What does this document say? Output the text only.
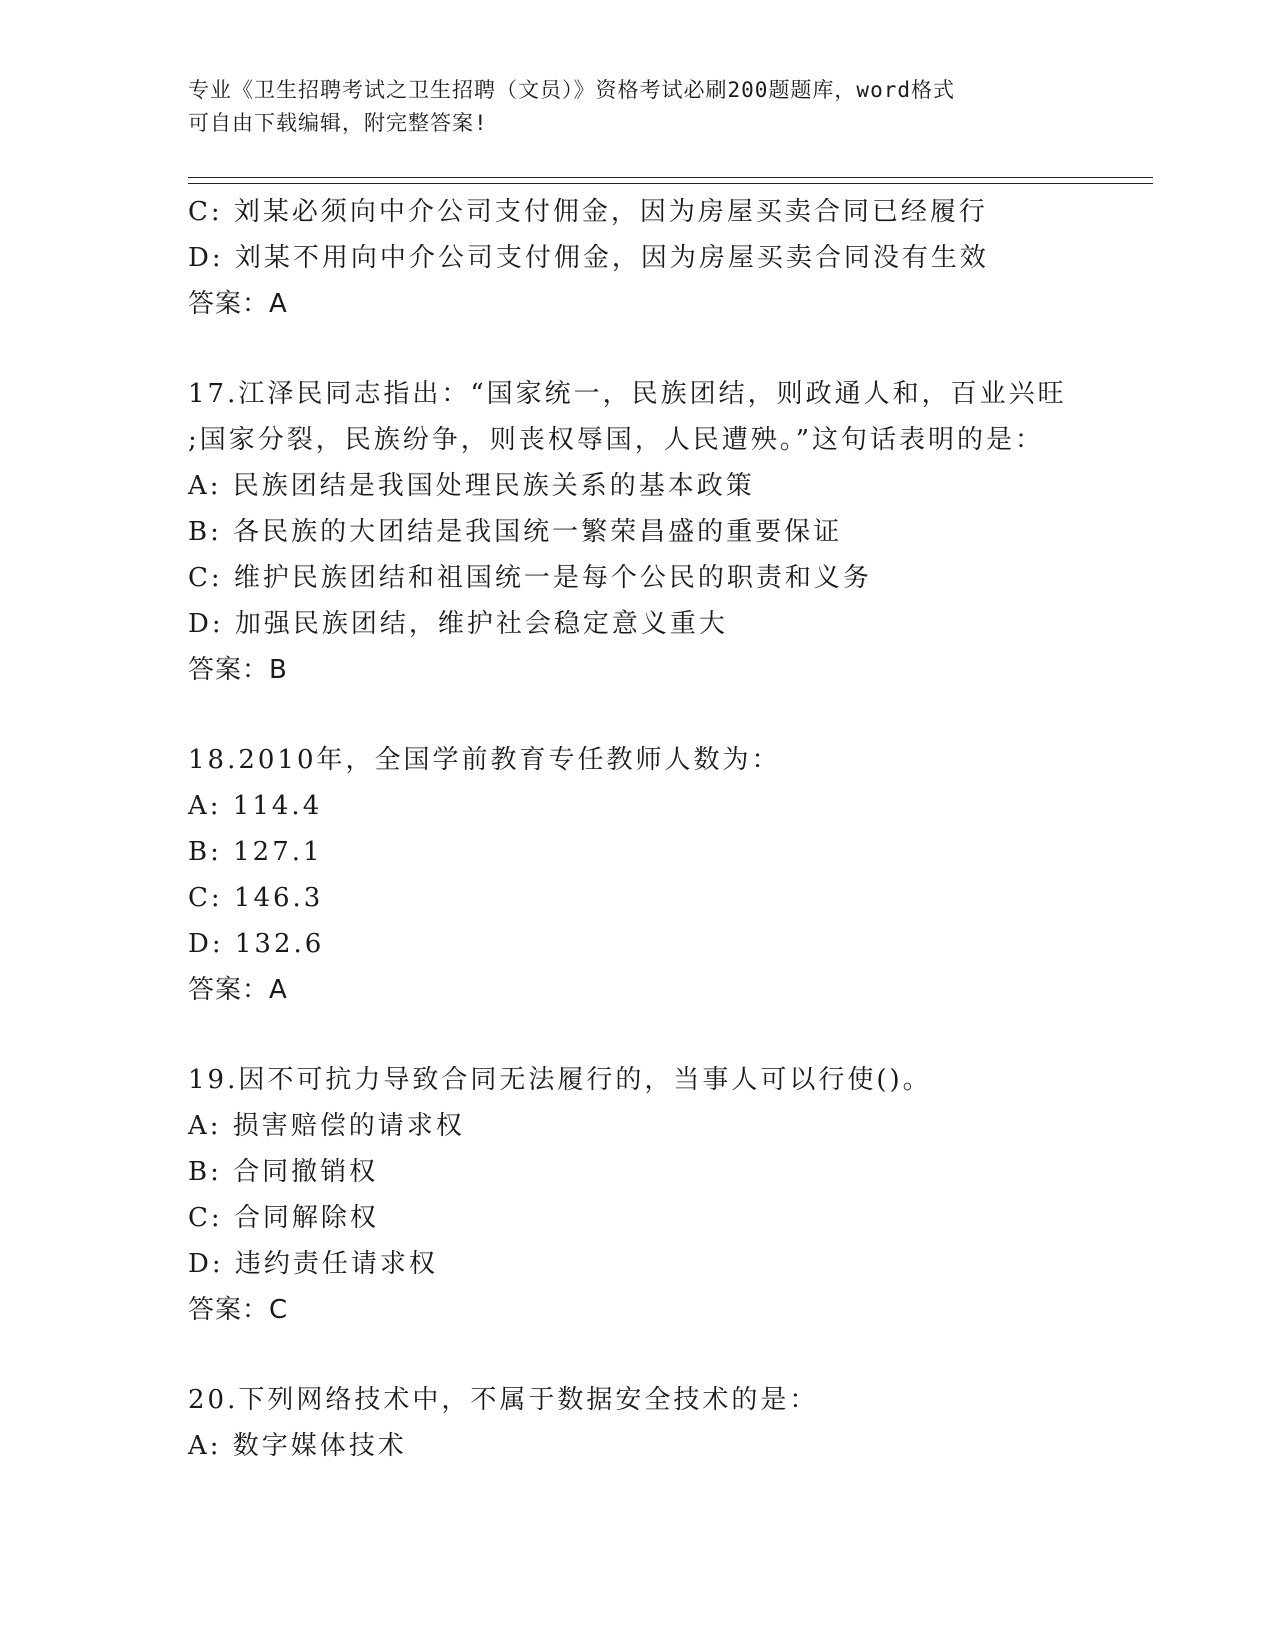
专业《卫生招聘考试之卫生招聘（文员）》资格考试必刷200题题库，word格式
可自由下载编辑，附完整答案!
C: 刘某必须向中介公司支付佣金，因为房屋买卖合同已经履行
D: 刘某不用向中介公司支付佣金，因为房屋买卖合同没有生效
答案：A
17.江泽民同志指出：“国家统一，民族团结，则政通人和，百业兴旺
;国家分裂，民族纷争，则丧权辱国，人民遭殃。”这句话表明的是：
A: 民族团结是我国处理民族关系的基本政策
B: 各民族的大团结是我国统一繁荣昌盛的重要保证
C: 维护民族团结和祖国统一是每个公民的职责和义务
D: 加强民族团结，维护社会稳定意义重大
答案：B
18.2010年，全国学前教育专任教师人数为：
A: 114.4
B: 127.1
C: 146.3
D: 132.6
答案：A
19.因不可抗力导致合同无法履行的，当事人可以行使()。
A: 损害赔偿的请求权
B: 合同撤销权
C: 合同解除权
D: 违约责任请求权
答案：C
20.下列网络技术中，不属于数据安全技术的是：
A: 数字媒体技术
